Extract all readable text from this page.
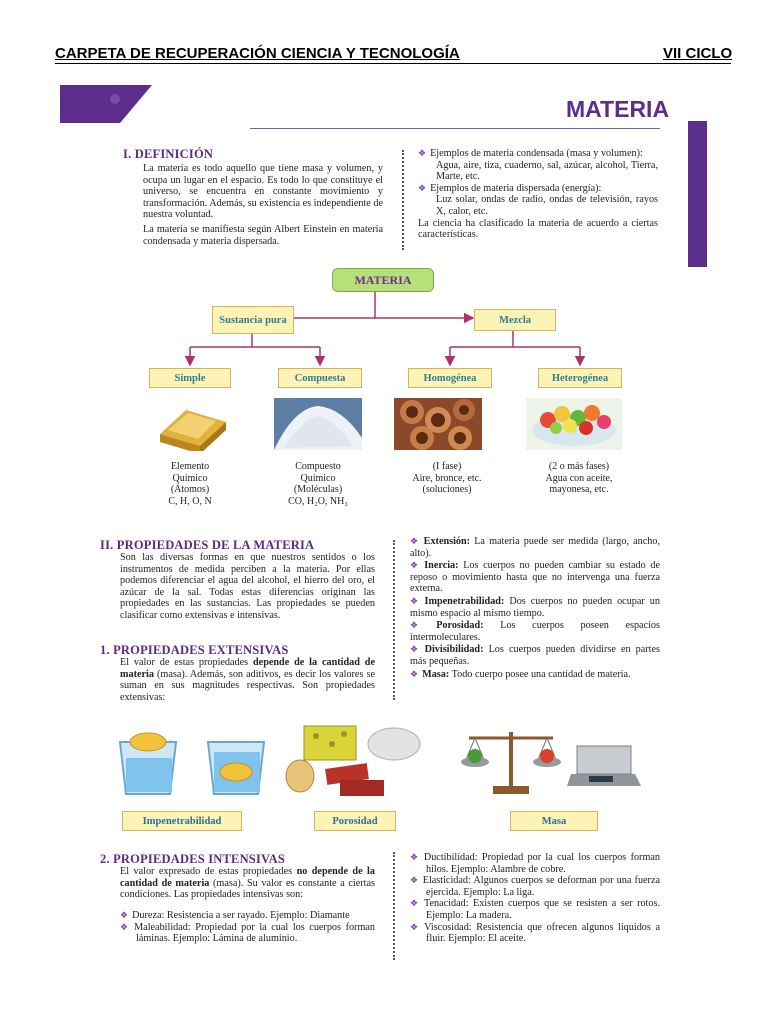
CARPETA DE RECUPERACIÓN CIENCIA Y TECNOLOGÍA	VII CICLO
MATERIA
I. DEFINICIÓN
La materia es todo aquello que tiene masa y volumen, y ocupa un lugar en el espacio. Es todo lo que constituye el universo, se encuentra en constante movimiento y transformación. Además, su existencia es independiente de nuestra voluntad.
La materia se manifiesta según Albert Einstein en materia condensada y materia dispersada.
❖ Ejemplos de materia condensada (masa y volumen):
Agua, aire, tiza, cuaderno, sal, azúcar, alcohol, Tierra, Marte, etc.
❖ Ejemplos de materia dispersada (energía):
Luz solar, ondas de radio, ondas de televisión, rayos X, calor, etc.
La ciencia ha clasificado la materia de acuerdo a ciertas características.
MATERIA
Sustancia pura	Mezcla
Simple	Compuesta	Homogénea	Heterogénea
Elemento
Químico
(Átomos)
C, H, O, N
Compuesto
Químico
(Moléculas)
CO, H₂O, NH₃
(I fase)
Aire, bronce, etc.
(soluciones)
(2 o más fases)
Agua con aceite,
mayonesa, etc.
II. PROPIEDADES DE LA MATERIA
Son las diversas formas en que nuestros sentidos o los instrumentos de medida perciben a la materia. Por ellas podemos diferenciar el agua del alcohol, el hierro del oro, el azúcar de la sal. Todas estas diferencias originan las propiedades en las sustancias. Las propiedades se pueden clasificar como extensivas e intensivas.
1. PROPIEDADES EXTENSIVAS
El valor de estas propiedades depende de la cantidad de materia (masa). Además, son aditivos, es decir los valores se suman en sus magnitudes respectivas. Son propiedades extensivas:
❖ Extensión: La materia puede ser medida (largo, ancho, alto).
❖ Inercia: Los cuerpos no pueden cambiar su estado de reposo o movimiento hasta que no intervenga una fuerza externa.
❖ Impenetrabilidad: Dos cuerpos no pueden ocupar un mismo espacio al mismo tiempo.
❖ Porosidad: Los cuerpos poseen espacios intermoleculares.
❖ Divisibilidad: Los cuerpos pueden dividirse en partes más pequeñas.
❖ Masa: Todo cuerpo posee una cantidad de materia.
Impenetrabilidad	Porosidad	Masa
2. PROPIEDADES INTENSIVAS
El valor expresado de estas propiedades no depende de la cantidad de materia (masa). Su valor es constante a ciertas condiciones. Las propiedades intensivas son:
❖ Dureza: Resistencia a ser rayado. Ejemplo: Diamante
❖ Maleabilidad: Propiedad por la cual los cuerpos forman láminas. Ejemplo: Lámina de aluminio.
❖ Ductibilidad: Propiedad por la cual los cuerpos forman hilos. Ejemplo: Alambre de cobre.
❖ Elasticidad: Algunos cuerpos se deforman por una fuerza ejercida. Ejemplo: La liga.
❖ Tenacidad: Existen cuerpos que se resisten a ser rotos. Ejemplo: La madera.
❖ Viscosidad: Resistencia que ofrecen algunos líquidos a fluir. Ejemplo: El aceite.
